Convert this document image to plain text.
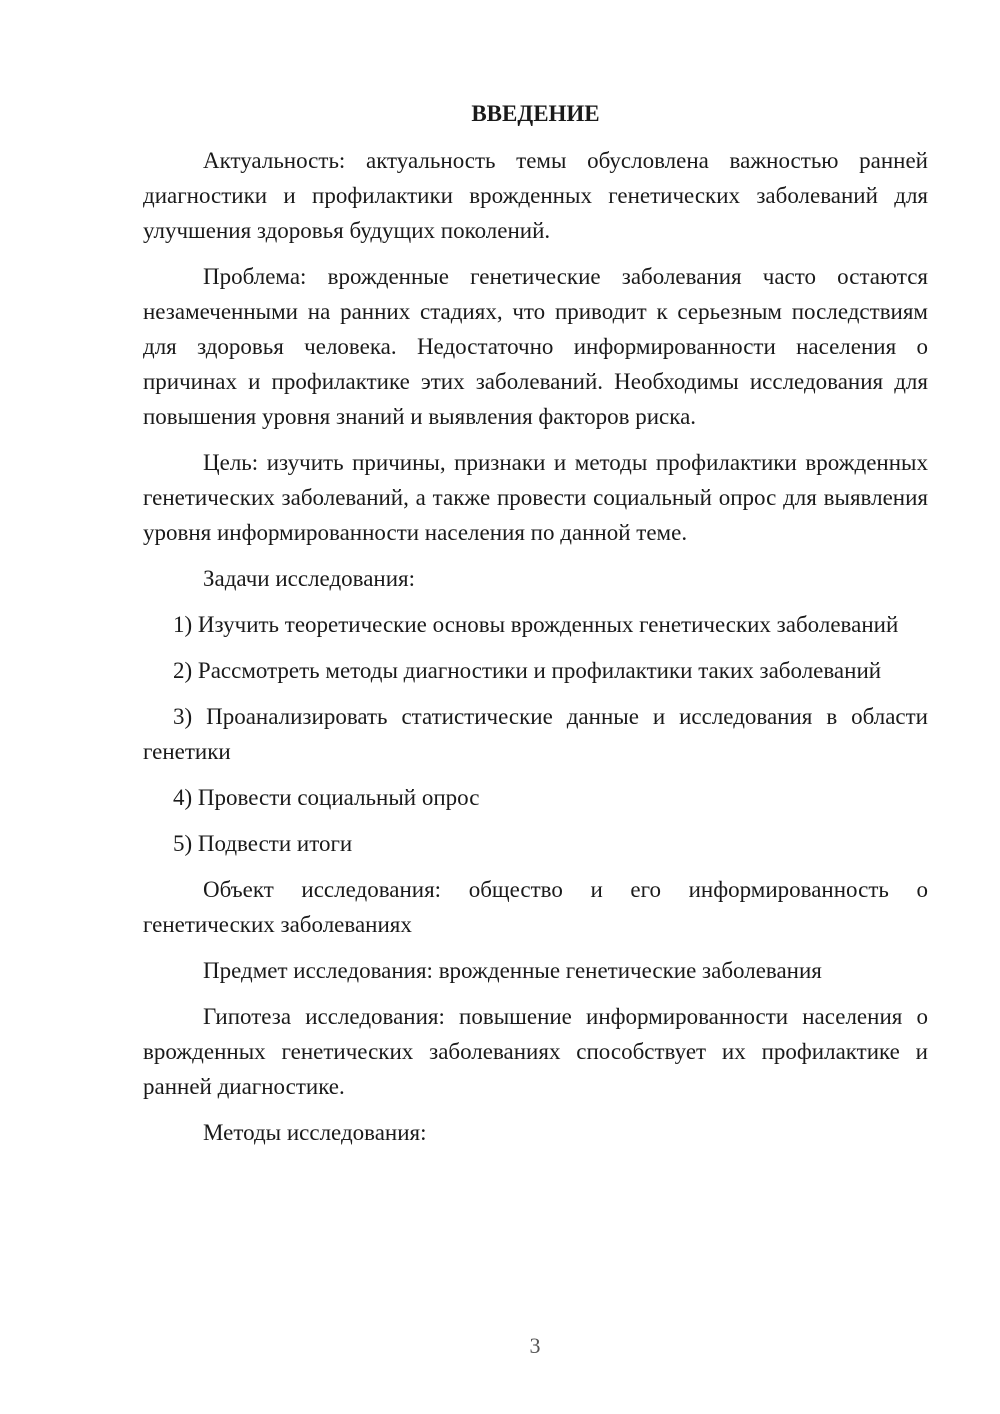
ВВЕДЕНИЕ

Актуальность: актуальность темы обусловлена важностью ранней диагностики и профилактики врожденных генетических заболеваний для улучшения здоровья будущих поколений.

Проблема: врожденные генетические заболевания часто остаются незамеченными на ранних стадиях, что приводит к серьезным последствиям для здоровья человека. Недостаточно информированности населения о причинах и профилактике этих заболеваний. Необходимы исследования для повышения уровня знаний и выявления факторов риска.

Цель: изучить причины, признаки и методы профилактики врожденных генетических заболеваний, а также провести социальный опрос для выявления уровня информированности населения по данной теме.

Задачи исследования:

1) Изучить теоретические основы врожденных генетических заболеваний

2) Рассмотреть методы диагностики и профилактики таких заболеваний

3) Проанализировать статистические данные и исследования в области генетики

4) Провести социальный опрос

5) Подвести итоги

Объект исследования: общество и его информированность о генетических заболеваниях

Предмет исследования: врожденные генетические заболевания

Гипотеза исследования: повышение информированности населения о врожденных генетических заболеваниях способствует их профилактике и ранней диагностике.

Методы исследования:

3
